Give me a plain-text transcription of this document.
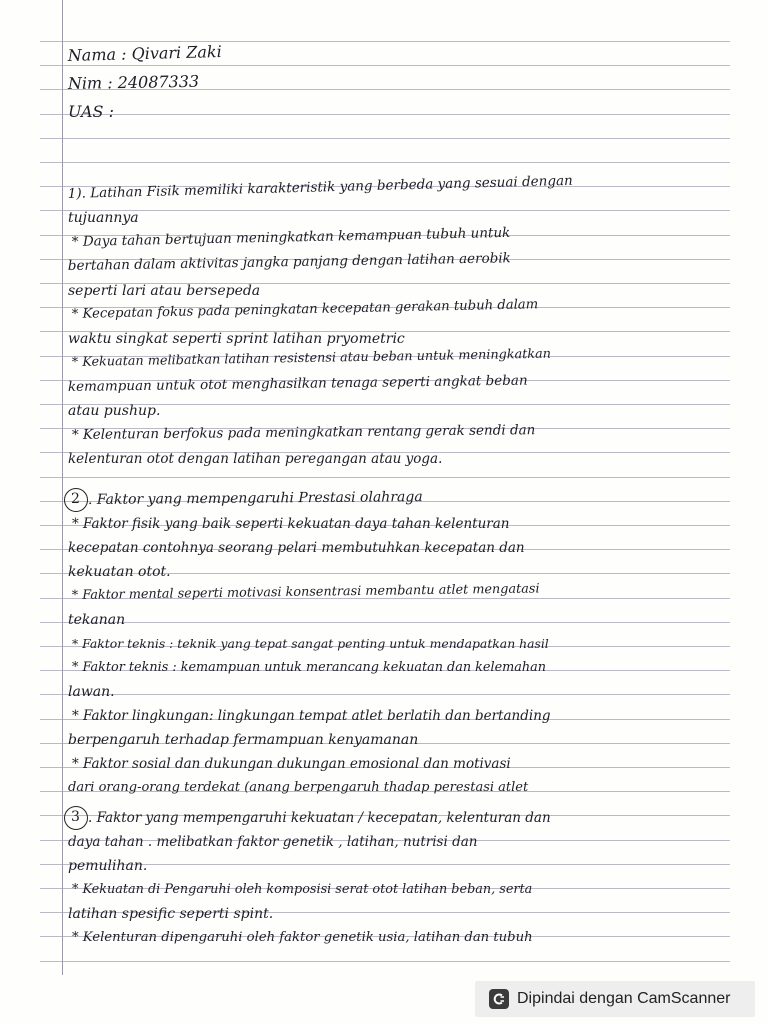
Nama : Qivari Zaki
Nim : 24087333
UAS :
1). Latihan Fisik memiliki karakteristik yang berbeda yang sesuai dengan
tujuannya
* Daya tahan bertujuan meningkatkan kemampuan tubuh untuk
bertahan dalam aktivitas jangka panjang dengan latihan aerobik
seperti lari atau bersepeda
* Kecepatan fokus pada peningkatan kecepatan gerakan tubuh dalam
waktu singkat seperti sprint latihan pryometric
* Kekuatan melibatkan latihan resistensi atau beban untuk meningkatkan
kemampuan untuk otot menghasilkan tenaga seperti angkat beban
atau pushup.
* Kelenturan berfokus pada meningkatkan rentang gerak sendi dan
kelenturan otot dengan latihan peregangan atau yoga.
2 . Faktor yang mempengaruhi Prestasi olahraga
* Faktor fisik yang baik seperti kekuatan daya tahan kelenturan
kecepatan contohnya seorang pelari membutuhkan kecepatan dan
kekuatan otot.
* Faktor mental seperti motivasi konsentrasi membantu atlet mengatasi
tekanan
* Faktor teknis : teknik yang tepat sangat penting untuk mendapatkan hasil
* Faktor teknis : kemampuan untuk merancang kekuatan dan kelemahan
lawan.
* Faktor lingkungan: lingkungan tempat atlet berlatih dan bertanding
berpengaruh terhadap fermampuan kenyamanan
* Faktor sosial dan dukungan dukungan emosional dan motivasi
dari orang-orang terdekat (anang berpengaruh thadap perestasi atlet
3 . Faktor yang mempengaruhi kekuatan / kecepatan, kelenturan dan
daya tahan . melibatkan faktor genetik , latihan, nutrisi dan
pemulihan.
* Kekuatan di Pengaruhi oleh komposisi serat otot latihan beban, serta
latihan spesific seperti spint.
* Kelenturan dipengaruhi oleh faktor genetik usia, latihan dan tubuh
Dipindai dengan CamScanner
